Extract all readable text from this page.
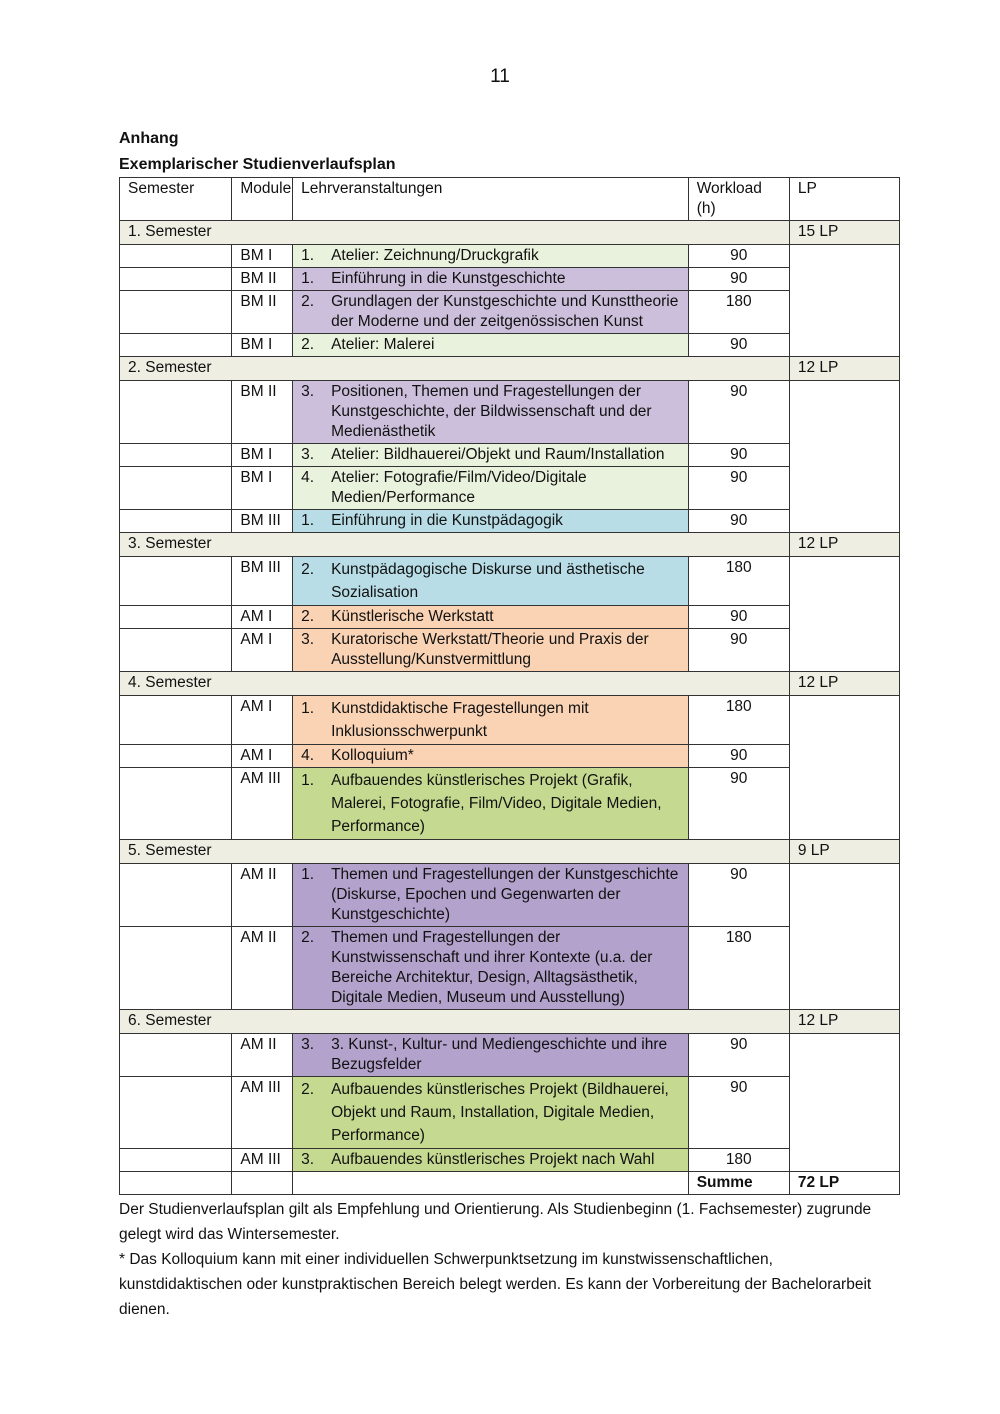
11
Anhang
Exemplarischer Studienverlaufsplan
Semester	Module	Lehrveranstaltungen	Workload (h)	LP
1. Semester				15 LP
	BM I	1. Atelier: Zeichnung/Druckgrafik	90	
	BM II	1. Einführung in die Kunstgeschichte	90	
	BM II	2. Grundlagen der Kunstgeschichte und Kunsttheorie der Moderne und der zeitgenössischen Kunst	180	
	BM I	2. Atelier: Malerei	90	
2. Semester				12 LP
	BM II	3. Positionen, Themen und Fragestellungen der Kunstgeschichte, der Bildwissenschaft und der Medienästhetik	90	
	BM I	3. Atelier: Bildhauerei/Objekt und Raum/Installation	90	
	BM I	4. Atelier: Fotografie/Film/Video/Digitale Medien/Performance	90	
	BM III	1. Einführung in die Kunstpädagogik	90	
3. Semester				12 LP
	BM III	2. Kunstpädagogische Diskurse und ästhetische Sozialisation	180	
	AM I	2. Künstlerische Werkstatt	90	
	AM I	3. Kuratorische Werkstatt/Theorie und Praxis der Ausstellung/Kunstvermittlung	90	
4. Semester				12 LP
	AM I	1. Kunstdidaktische Fragestellungen mit Inklusionsschwerpunkt	180	
	AM I	4. Kolloquium*	90	
	AM III	1. Aufbauendes künstlerisches Projekt (Grafik, Malerei, Fotografie, Film/Video, Digitale Medien, Performance)	90	
5. Semester				9 LP
	AM II	1. Themen und Fragestellungen der Kunstgeschichte (Diskurse, Epochen und Gegenwarten der Kunstgeschichte)	90	
	AM II	2. Themen und Fragestellungen der Kunstwissenschaft und ihrer Kontexte (u.a. der Bereiche Architektur, Design, Alltagsästhetik, Digitale Medien, Museum und Ausstellung)	180	
6. Semester				12 LP
	AM II	3. 3. Kunst-, Kultur- und Mediengeschichte und ihre Bezugsfelder	90	
	AM III	2. Aufbauendes künstlerisches Projekt (Bildhauerei, Objekt und Raum, Installation, Digitale Medien, Performance)	90	
	AM III	3. Aufbauendes künstlerisches Projekt nach Wahl	180	
			Summe	72 LP
Der Studienverlaufsplan gilt als Empfehlung und Orientierung. Als Studienbeginn (1. Fachsemester) zugrunde gelegt wird das Wintersemester.
* Das Kolloquium kann mit einer individuellen Schwerpunktsetzung im kunstwissenschaftlichen, kunstdidaktischen oder kunstpraktischen Bereich belegt werden. Es kann der Vorbereitung der Bachelorarbeit dienen.
